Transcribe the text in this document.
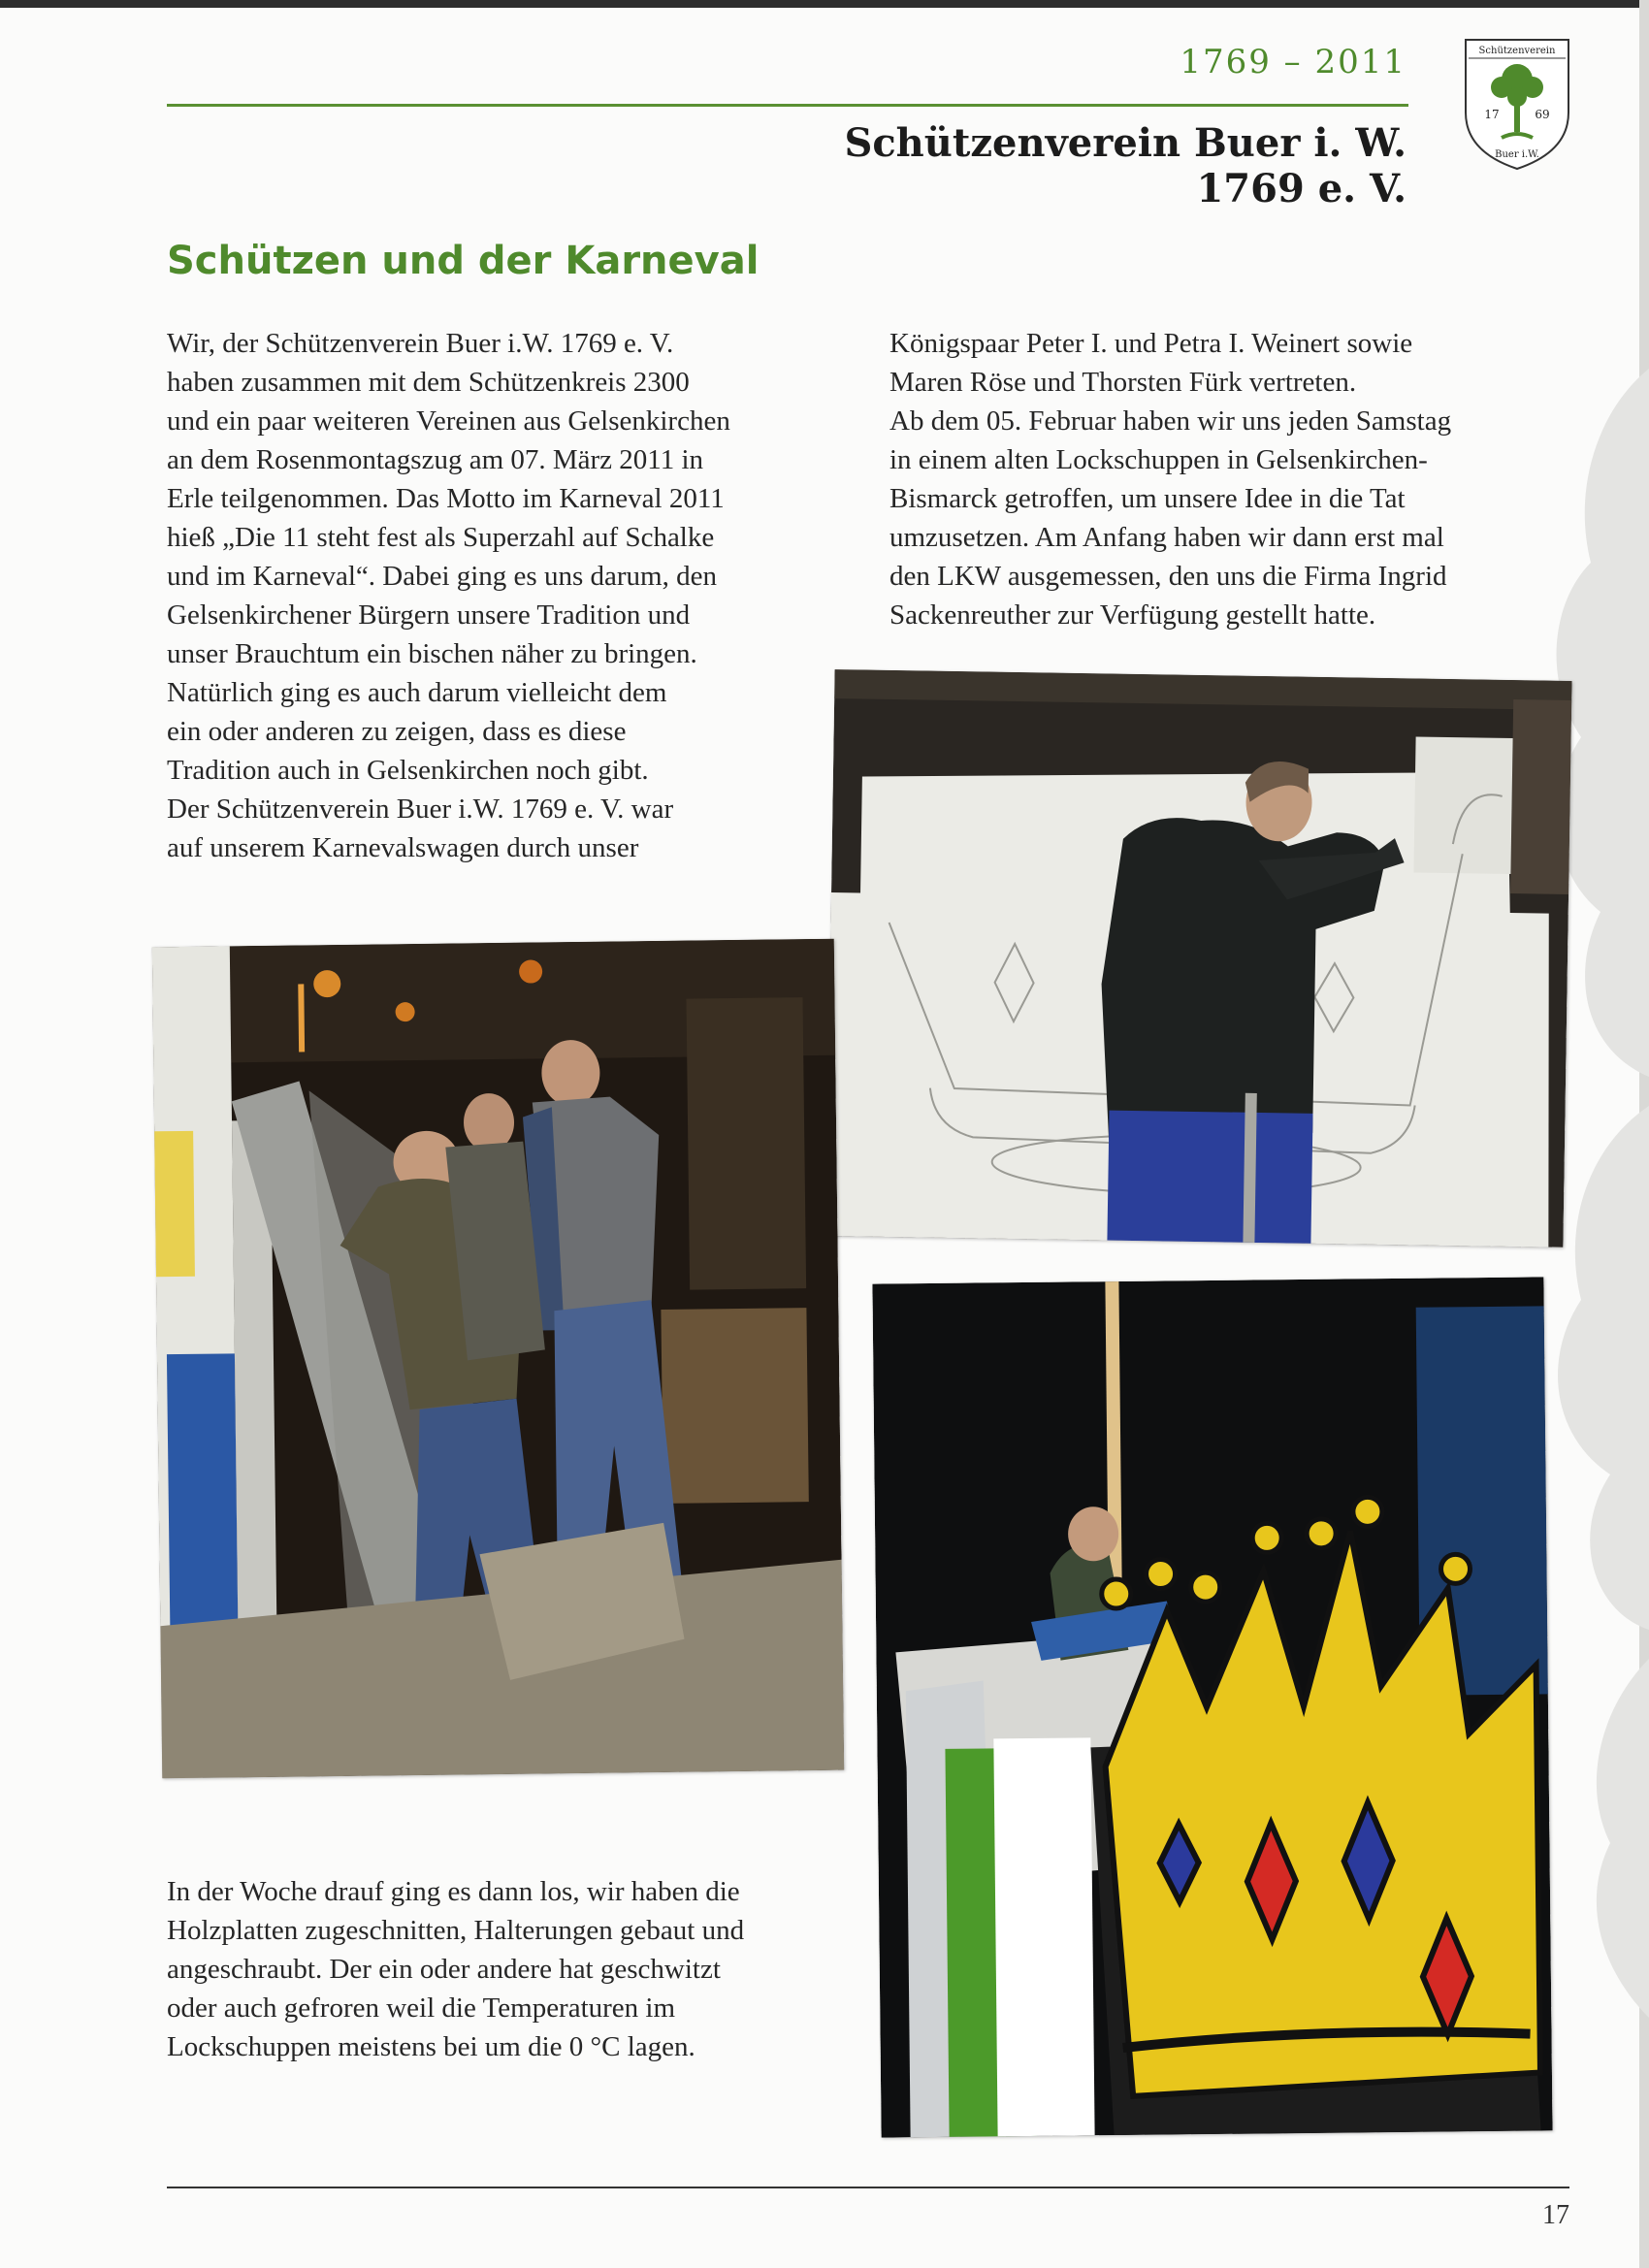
1769 – 2011
Schützenverein Buer i. W. 1769 e. V.
Schützenverein
17	69
Buer i.W.
Schützen und der Karneval

Wir, der Schützenverein Buer i.W. 1769 e. V.

haben zusammen mit dem Schützenkreis 2300

und ein paar weiteren Vereinen aus Gelsenkirchen

an dem Rosenmontagszug am 07. März 2011 in

Erle teilgenommen. Das Motto im Karneval 2011

hieß „Die 11 steht fest als Superzahl auf Schalke

und im Karneval“. Dabei ging es uns darum, den

Gelsenkirchener Bürgern unsere Tradition und

unser Brauchtum ein bischen näher zu bringen.

Natürlich ging es auch darum vielleicht dem

ein oder anderen zu zeigen, dass es diese

Tradition auch in Gelsenkirchen noch gibt.

Der Schützenverein Buer i.W. 1769 e. V. war

auf unserem Karnevalswagen durch unser

Königspaar Peter I. und Petra I. Weinert sowie

Maren Röse und Thorsten Fürk vertreten.

Ab dem 05. Februar haben wir uns jeden Samstag

in einem alten Lockschuppen in Gelsenkirchen-

Bismarck getroffen, um unsere Idee in die Tat

umzusetzen. Am Anfang haben wir dann erst mal

den LKW ausgemessen, den uns die Firma Ingrid

Sackenreuther zur Verfügung gestellt hatte.

In der Woche drauf ging es dann los, wir haben die

Holzplatten zugeschnitten, Halterungen gebaut und

angeschraubt. Der ein oder andere hat geschwitzt

oder auch gefroren weil die Temperaturen im

Lockschuppen meistens bei um die 0 °C lagen.

17
